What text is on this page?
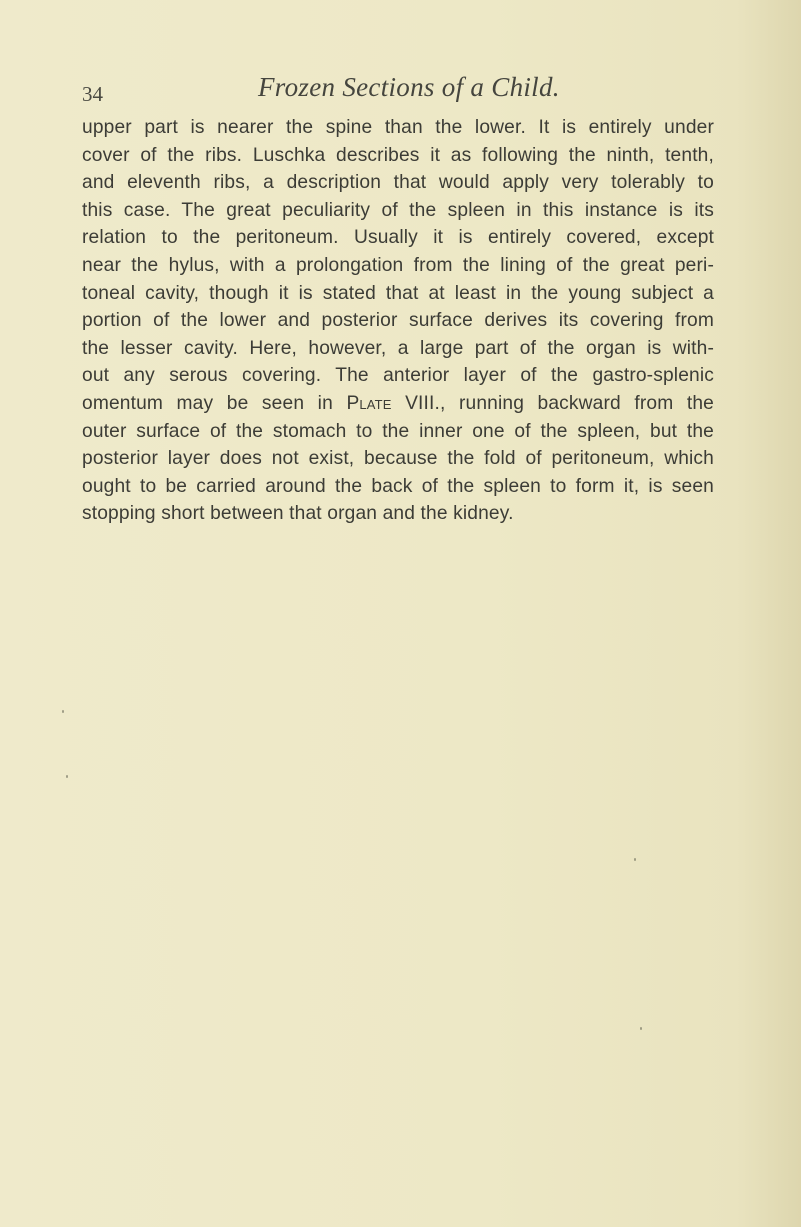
34	Frozen Sections of a Child.
upper part is nearer the spine than the lower. It is entirely under
cover of the ribs. Luschka describes it as following the ninth, tenth,
and eleventh ribs, a description that would apply very tolerably to
this case. The great peculiarity of the spleen in this instance is its
relation to the peritoneum. Usually it is entirely covered, except
near the hylus, with a prolongation from the lining of the great peri-
toneal cavity, though it is stated that at least in the young subject a
portion of the lower and posterior surface derives its covering from
the lesser cavity. Here, however, a large part of the organ is with-
out any serous covering. The anterior layer of the gastro-splenic
omentum may be seen in Plate VIII., running backward from the
outer surface of the stomach to the inner one of the spleen, but the
posterior layer does not exist, because the fold of peritoneum, which
ought to be carried around the back of the spleen to form it, is seen
stopping short between that organ and the kidney.
